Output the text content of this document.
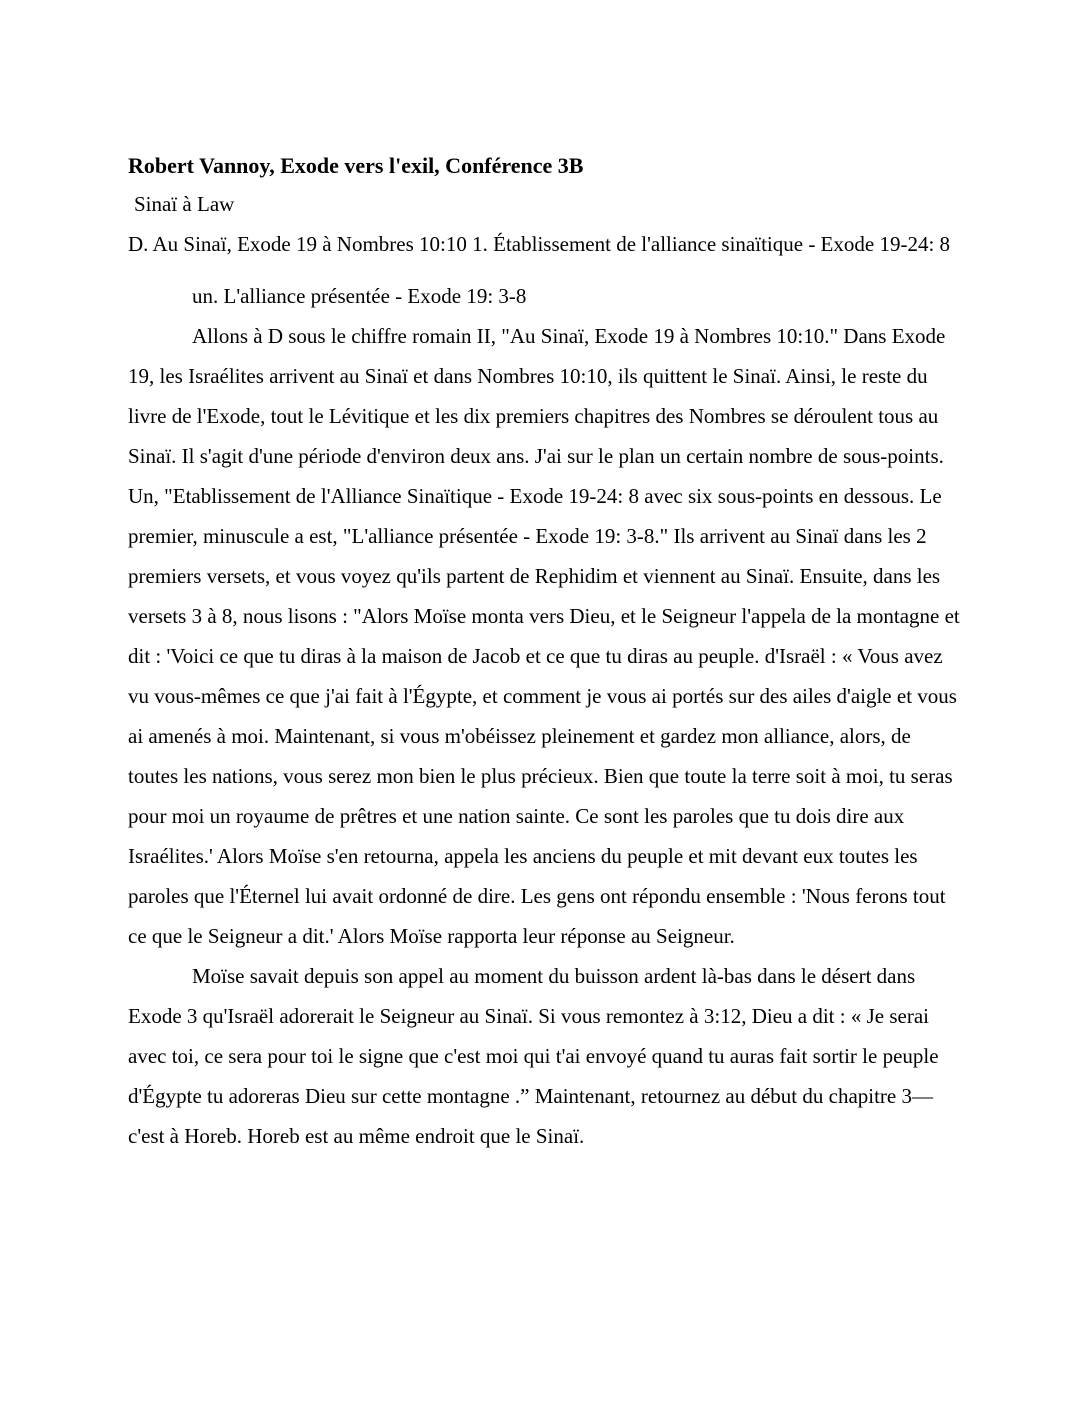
Robert Vannoy, Exode vers l'exil, Conférence 3B

Sinaï à Law

D. Au Sinaï, Exode 19 à Nombres 10:10 1. Établissement de l'alliance sinaïtique - Exode 19-24: 8

un. L'alliance présentée - Exode 19: 3-8

Allons à D sous le chiffre romain II, "Au Sinaï, Exode 19 à Nombres 10:10." Dans Exode 19, les Israélites arrivent au Sinaï et dans Nombres 10:10, ils quittent le Sinaï. Ainsi, le reste du livre de l'Exode, tout le Lévitique et les dix premiers chapitres des Nombres se déroulent tous au Sinaï. Il s'agit d'une période d'environ deux ans. J'ai sur le plan un certain nombre de sous-points. Un, "Etablissement de l'Alliance Sinaïtique - Exode 19-24: 8 avec six sous-points en dessous. Le premier, minuscule a est, "L'alliance présentée - Exode 19: 3-8." Ils arrivent au Sinaï dans les 2 premiers versets, et vous voyez qu'ils partent de Rephidim et viennent au Sinaï. Ensuite, dans les versets 3 à 8, nous lisons : "Alors Moïse monta vers Dieu, et le Seigneur l'appela de la montagne et dit : 'Voici ce que tu diras à la maison de Jacob et ce que tu diras au peuple. d'Israël : « Vous avez vu vous-mêmes ce que j'ai fait à l'Égypte, et comment je vous ai portés sur des ailes d'aigle et vous ai amenés à moi. Maintenant, si vous m'obéissez pleinement et gardez mon alliance, alors, de toutes les nations, vous serez mon bien le plus précieux. Bien que toute la terre soit à moi, tu seras pour moi un royaume de prêtres et une nation sainte. Ce sont les paroles que tu dois dire aux Israélites.' Alors Moïse s'en retourna, appela les anciens du peuple et mit devant eux toutes les paroles que l'Éternel lui avait ordonné de dire. Les gens ont répondu ensemble : 'Nous ferons tout ce que le Seigneur a dit.' Alors Moïse rapporta leur réponse au Seigneur.

Moïse savait depuis son appel au moment du buisson ardent là-bas dans le désert dans Exode 3 qu'Israël adorerait le Seigneur au Sinaï. Si vous remontez à 3:12, Dieu a dit : « Je serai avec toi, ce sera pour toi le signe que c'est moi qui t'ai envoyé quand tu auras fait sortir le peuple d'Égypte tu adoreras Dieu sur cette montagne .” Maintenant, retournez au début du chapitre 3—c'est à Horeb. Horeb est au même endroit que le Sinaï.
